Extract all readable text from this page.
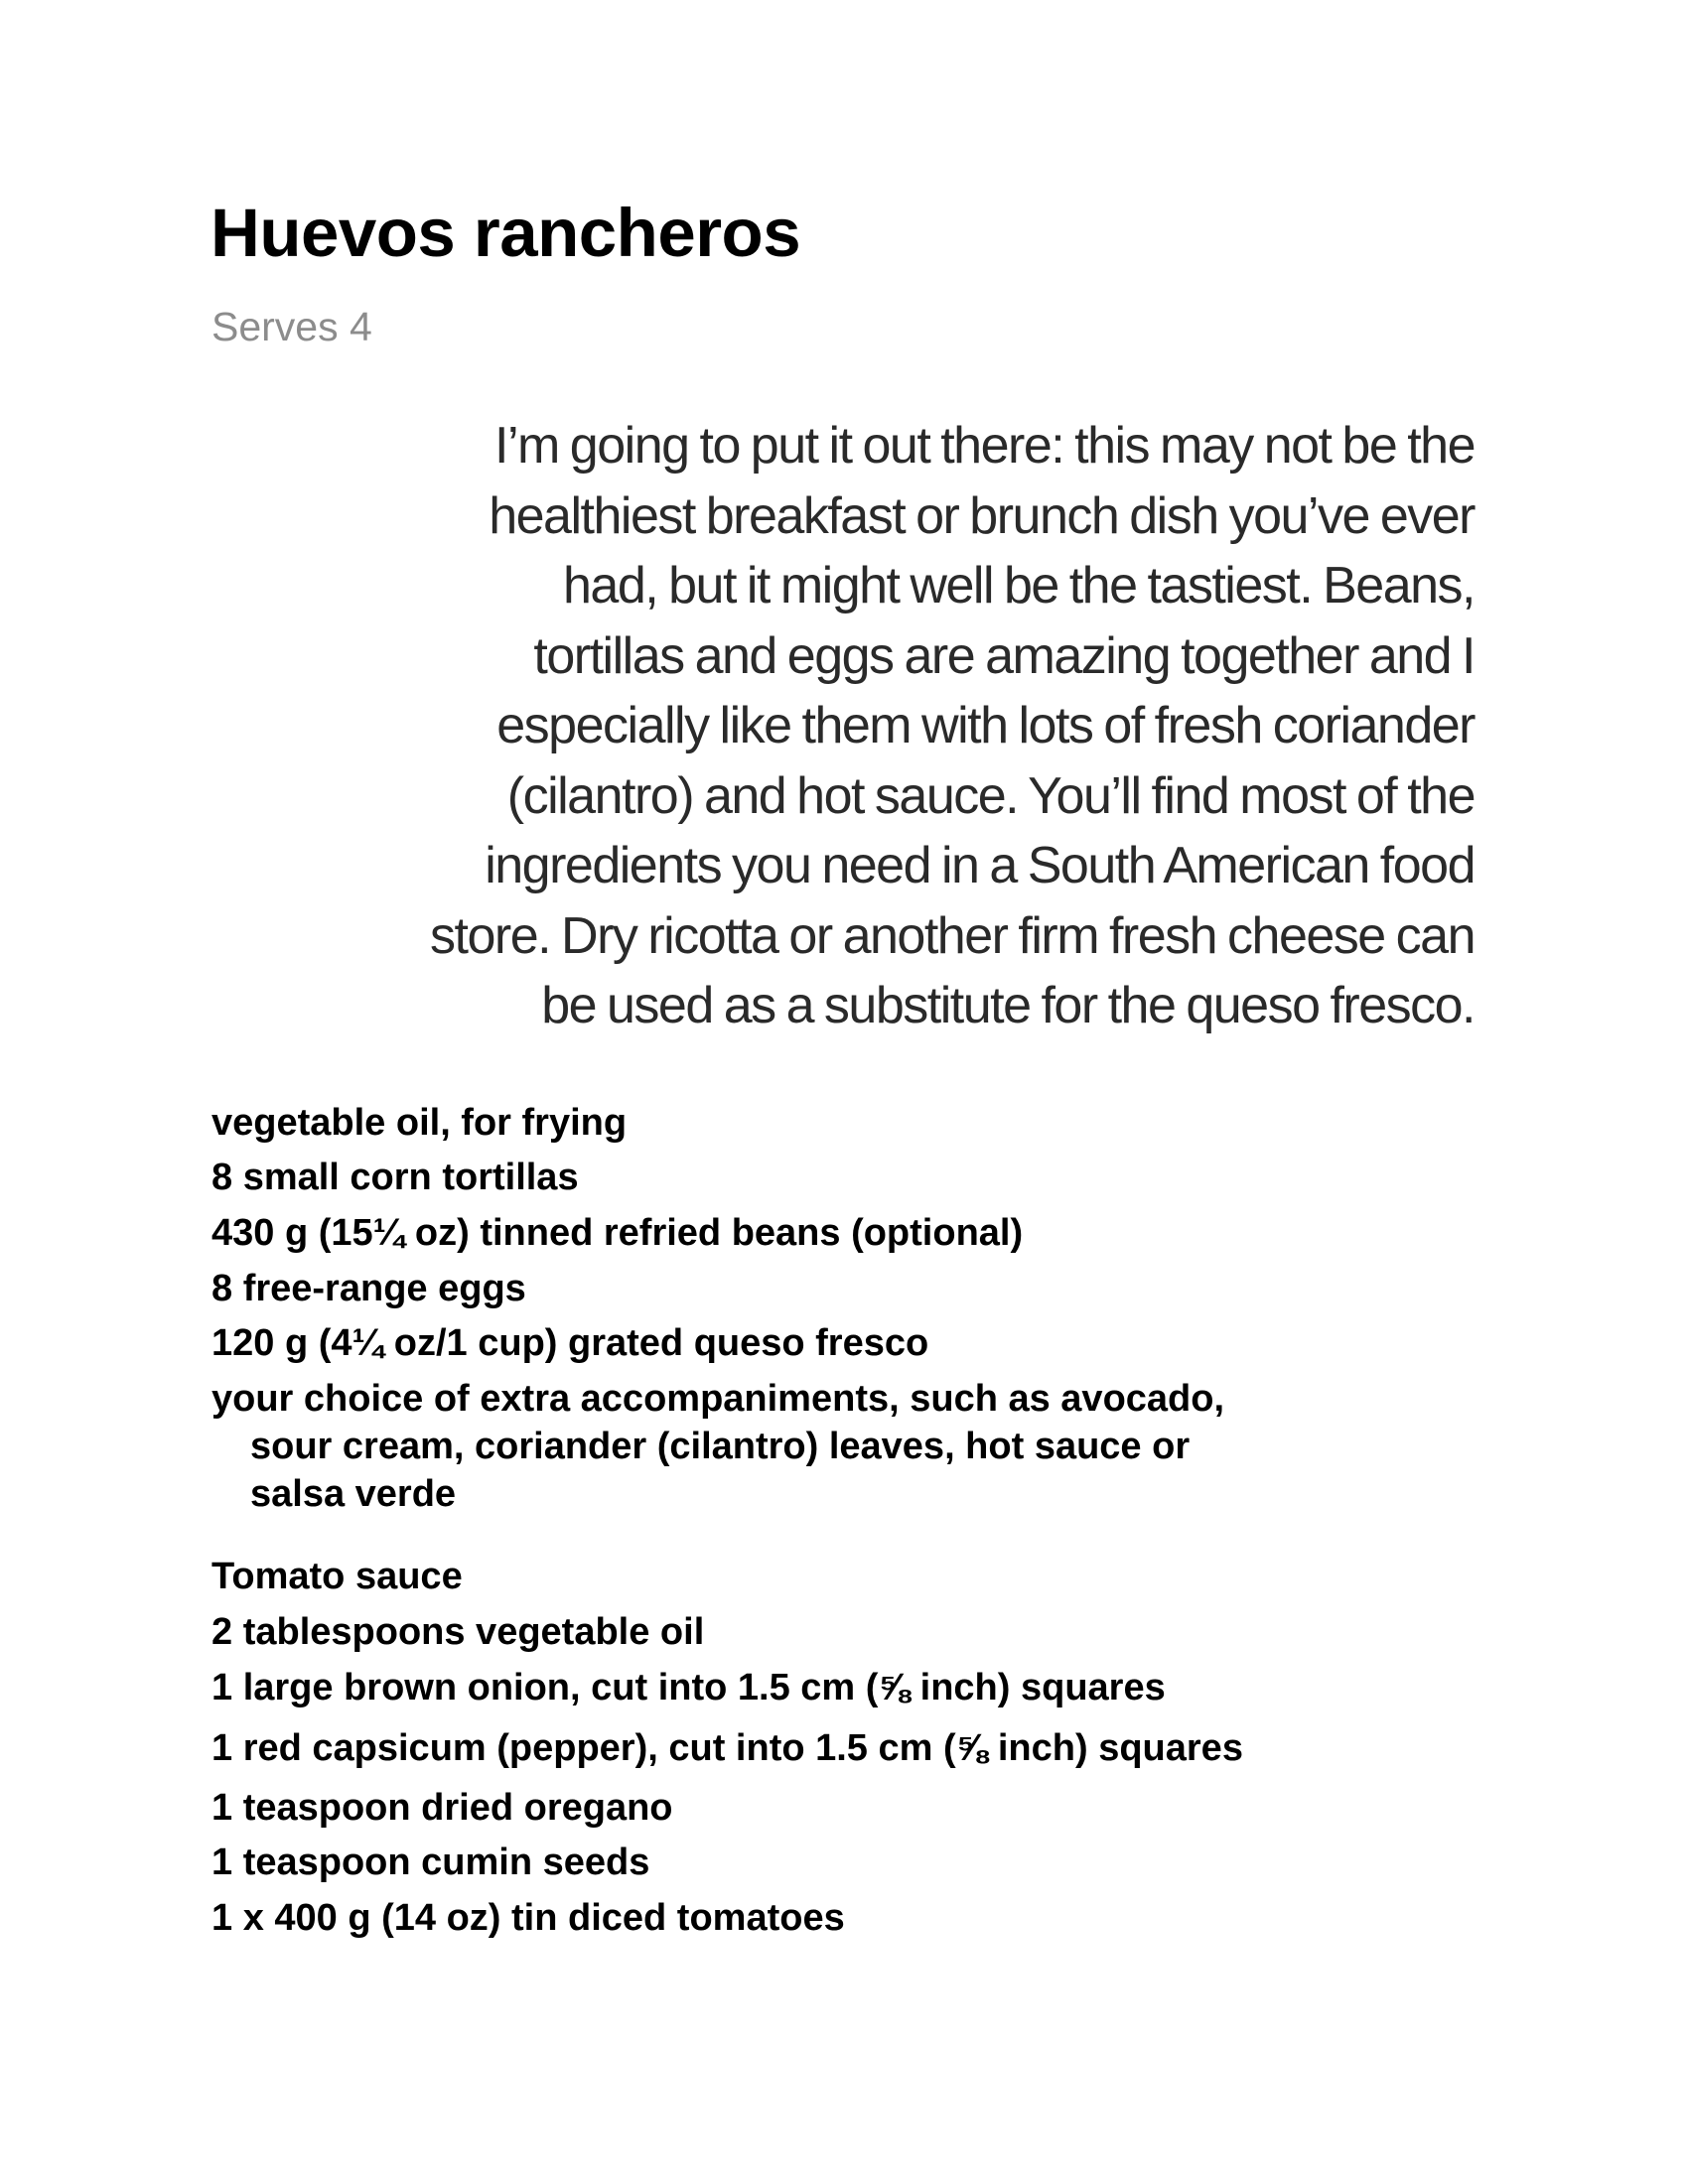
Huevos rancheros

Serves 4

I’m going to put it out there: this may not be the
healthiest breakfast or brunch dish you’ve ever
had, but it might well be the tastiest. Beans,
tortillas and eggs are amazing together and I
especially like them with lots of fresh coriander
(cilantro) and hot sauce. You’ll find most of the
ingredients you need in a South American food
store. Dry ricotta or another firm fresh cheese can
be used as a substitute for the queso fresco.

vegetable oil, for frying
8 small corn tortillas
430 g (15¼ oz) tinned refried beans (optional)
8 free-range eggs
120 g (4¼ oz/1 cup) grated queso fresco
your choice of extra accompaniments, such as avocado,
sour cream, coriander (cilantro) leaves, hot sauce or
salsa verde
Tomato sauce
2 tablespoons vegetable oil
1 large brown onion, cut into 1.5 cm (⅝ inch) squares
1 red capsicum (pepper), cut into 1.5 cm (⅝ inch) squares
1 teaspoon dried oregano
1 teaspoon cumin seeds
1 x 400 g (14 oz) tin diced tomatoes
